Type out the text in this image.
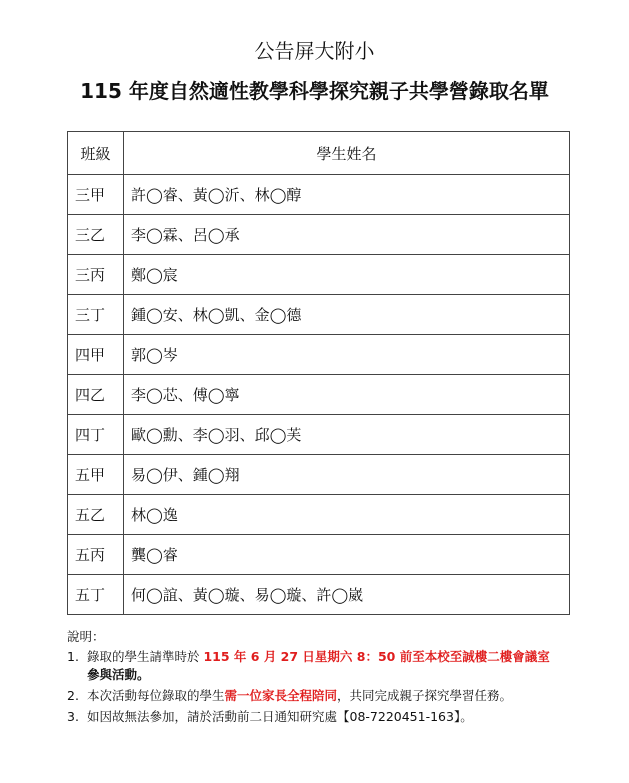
公告屏大附小
115 年度自然適性教學科學探究親子共學營錄取名單
班級	學生姓名
三甲	許◯睿、黃◯沂、林◯醇
三乙	李◯霖、呂◯承
三丙	鄭◯宸
三丁	鍾◯安、林◯凱、金◯德
四甲	郭◯岑
四乙	李◯芯、傅◯寧
四丁	歐◯勳、李◯羽、邱◯芙
五甲	易◯伊、鍾◯翔
五乙	林◯逸
五丙	龔◯睿
五丁	何◯誼、黃◯璇、易◯璇、許◯崴
說明：
1. 錄取的學生請準時於 115 年 6 月 27 日星期六 8：50 前至本校至誠樓二樓會議室
參與活動。
2. 本次活動每位錄取的學生需一位家長全程陪同，共同完成親子探究學習任務。
3. 如因故無法參加，請於活動前二日通知研究處【08-7220451-163】。
